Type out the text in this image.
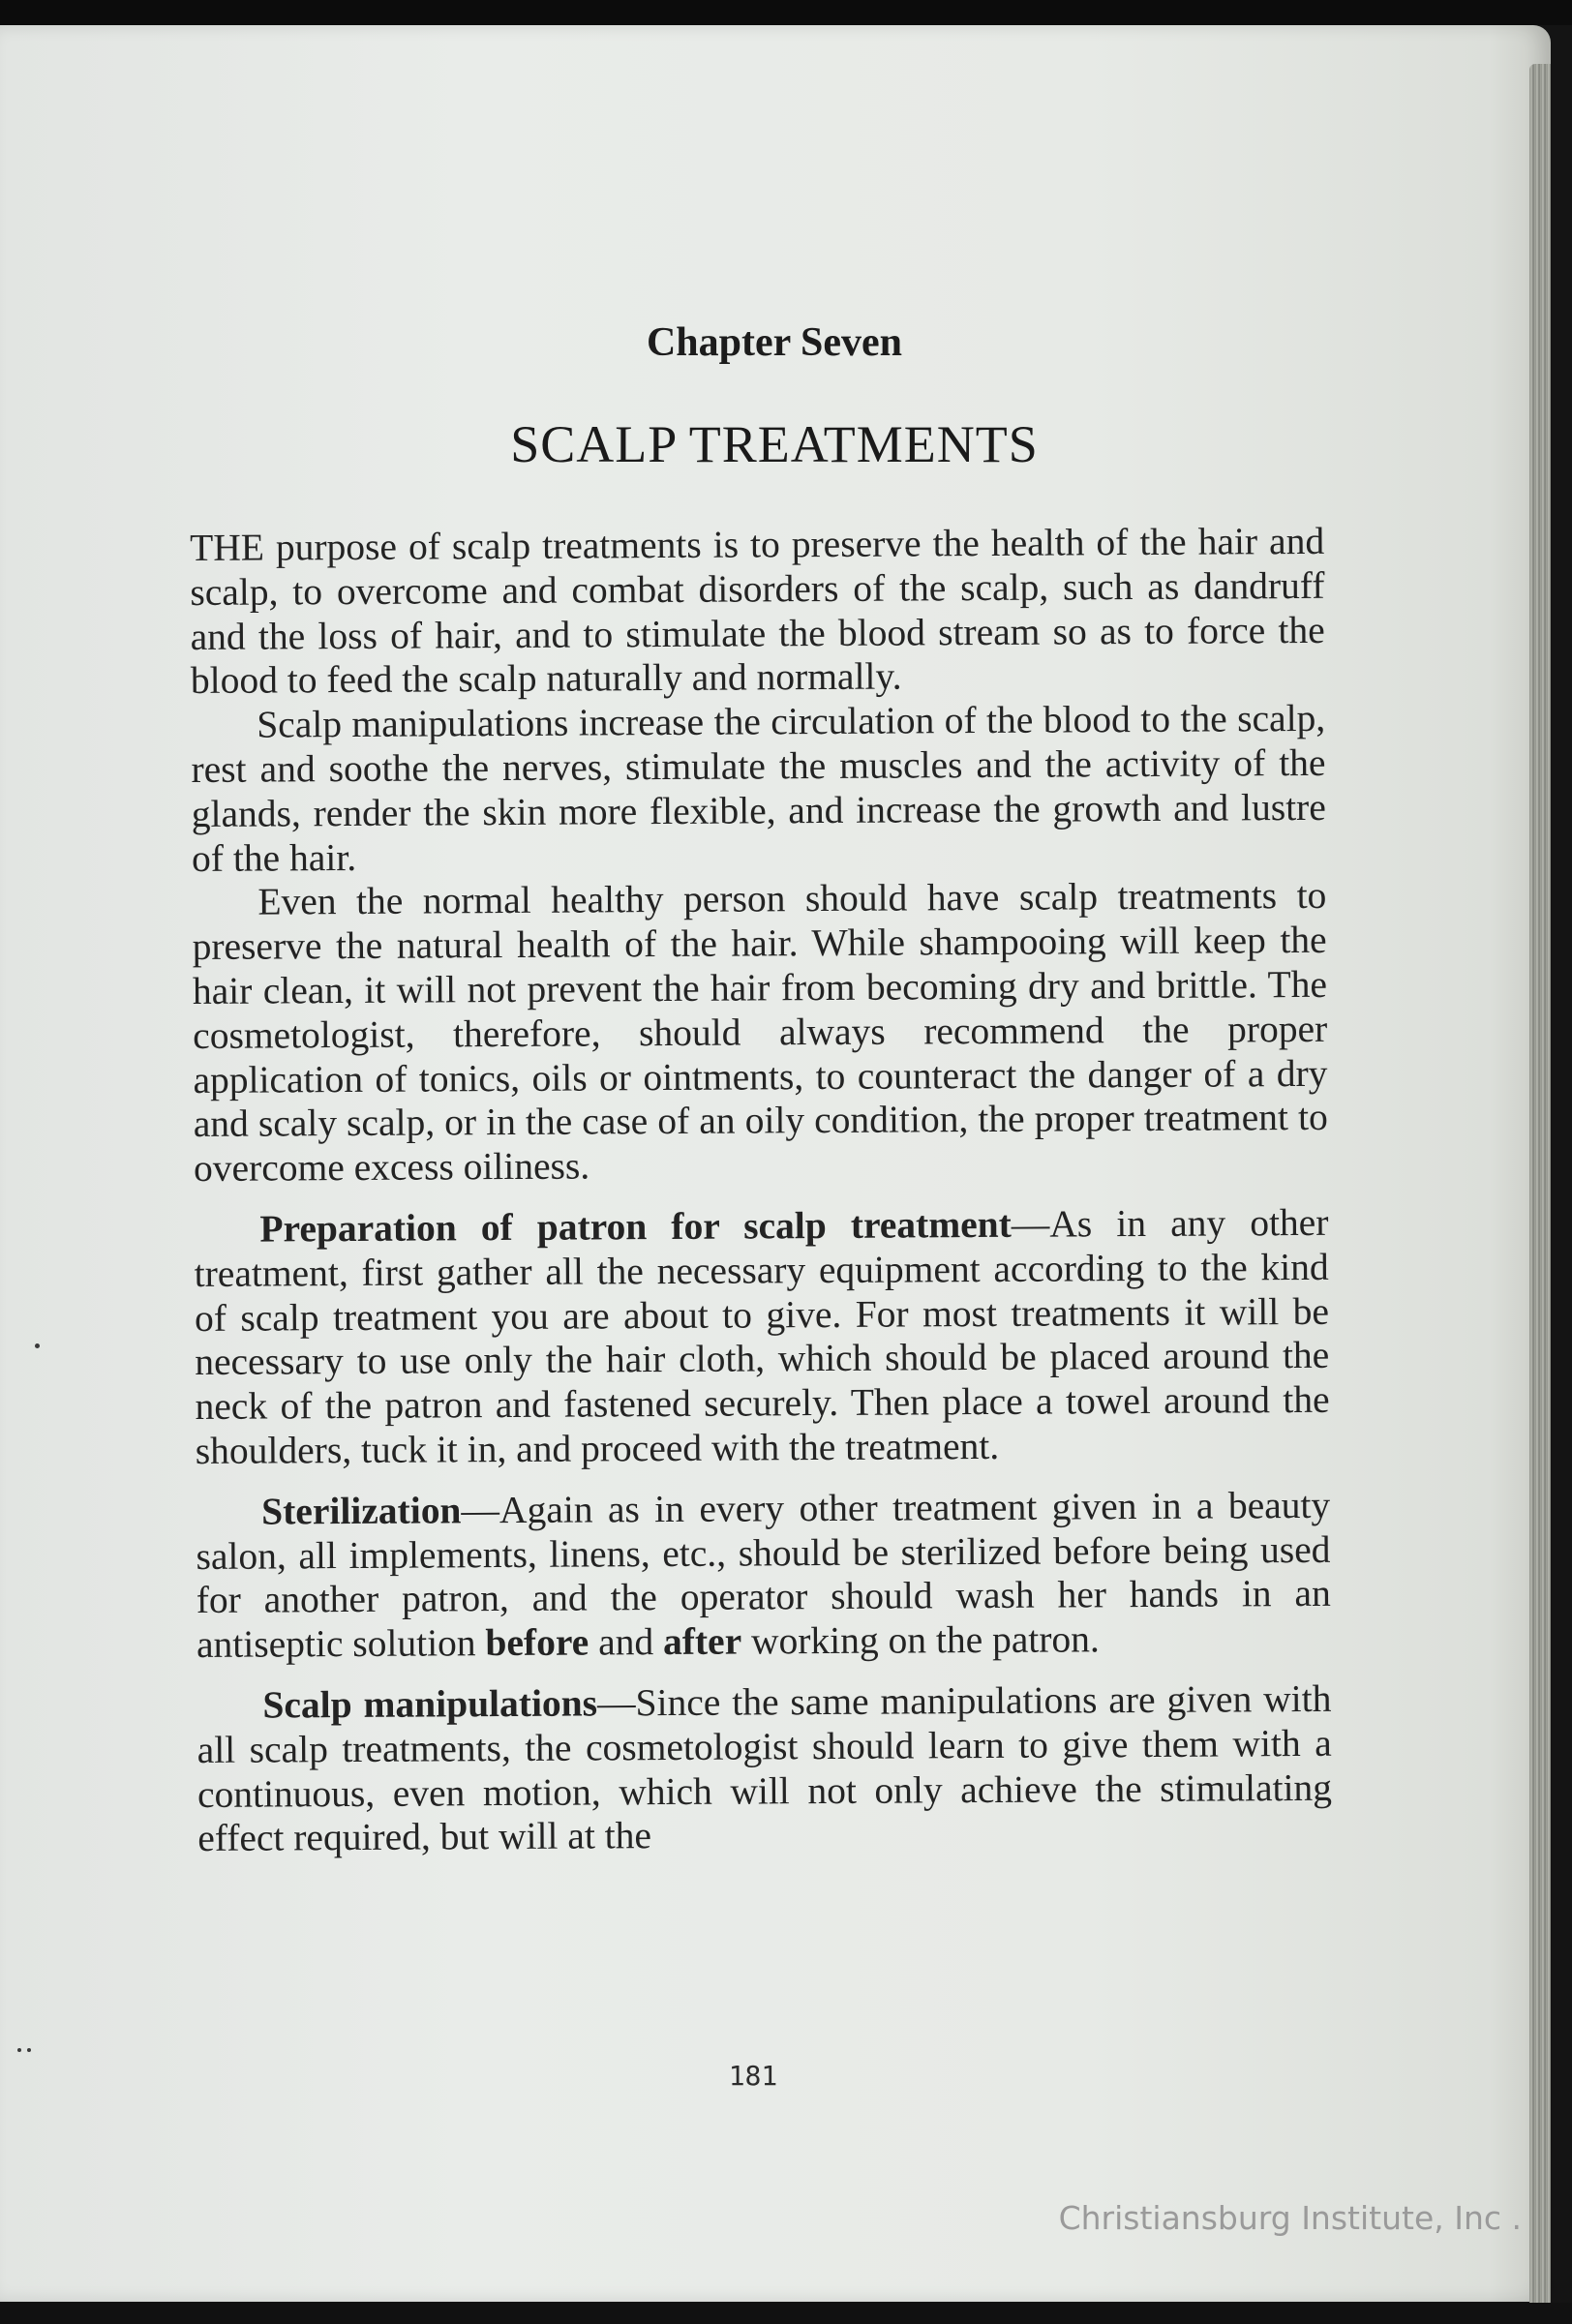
Chapter Seven
SCALP TREATMENTS

THE purpose of scalp treatments is to preserve the health of the hair and scalp, to overcome and combat disorders of the scalp, such as dandruff and the loss of hair, and to stimulate the blood stream so as to force the blood to feed the scalp naturally and normally.

Scalp manipulations increase the circulation of the blood to the scalp, rest and soothe the nerves, stimulate the muscles and the activity of the glands, render the skin more flexible, and increase the growth and lustre of the hair.

Even the normal healthy person should have scalp treatments to preserve the natural health of the hair. While shampooing will keep the hair clean, it will not prevent the hair from becoming dry and brittle. The cosmetologist, therefore, should always recommend the proper application of tonics, oils or ointments, to counteract the danger of a dry and scaly scalp, or in the case of an oily condition, the proper treatment to overcome excess oiliness.

Preparation of patron for scalp treatment—As in any other treatment, first gather all the necessary equipment according to the kind of scalp treatment you are about to give. For most treatments it will be necessary to use only the hair cloth, which should be placed around the neck of the patron and fastened securely. Then place a towel around the shoulders, tuck it in, and proceed with the treatment.

Sterilization—Again as in every other treatment given in a beauty salon, all implements, linens, etc., should be sterilized before being used for another patron, and the operator should wash her hands in an antiseptic solution before and after working on the patron.

Scalp manipulations—Since the same manipulations are given with all scalp treatments, the cosmetologist should learn to give them with a continuous, even motion, which will not only achieve the stimulating effect required, but will at the

181
Christiansburg Institute, Inc .
